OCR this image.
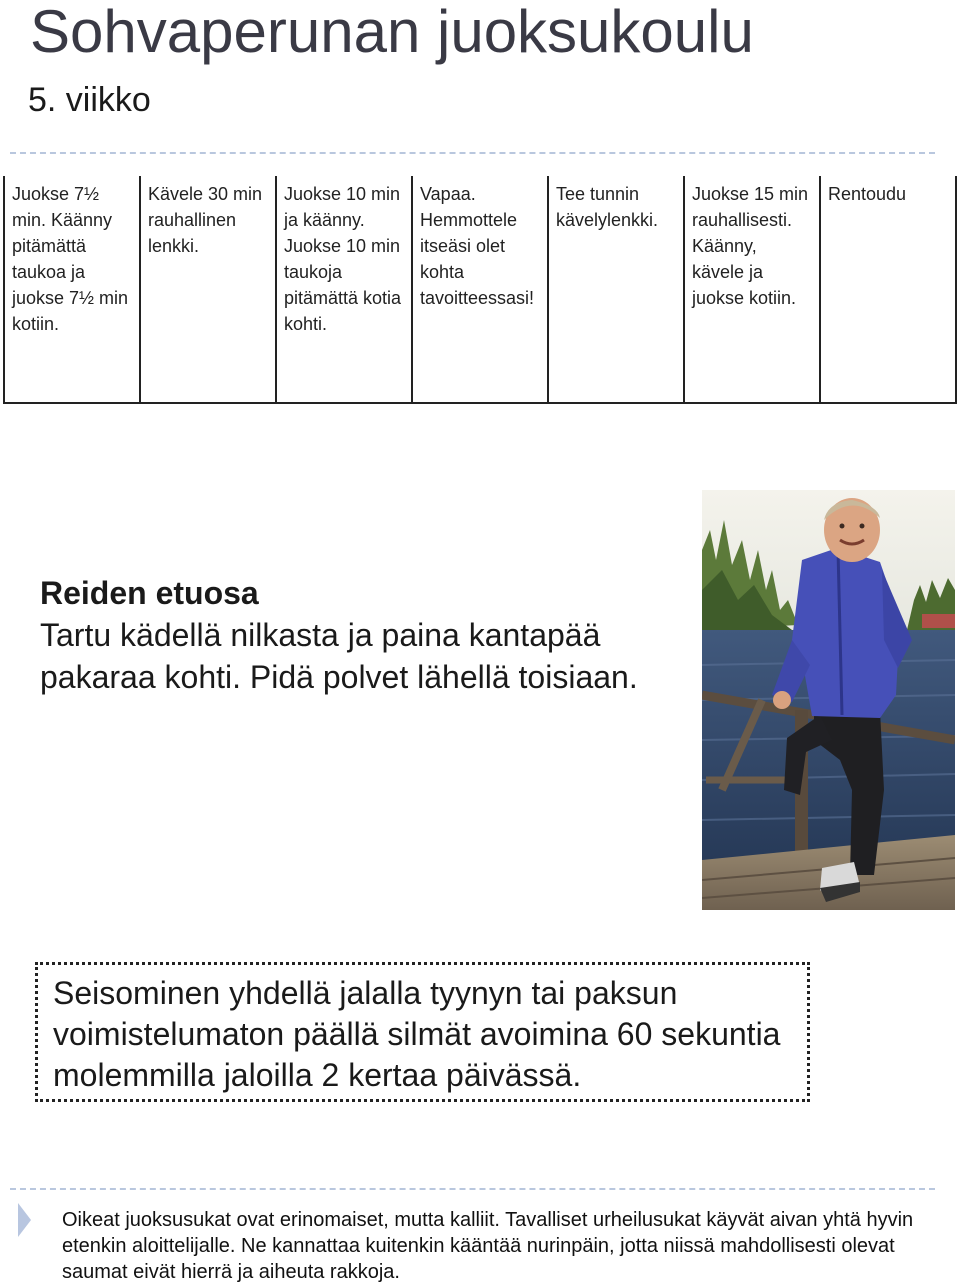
Sohvaperunan juoksukoulu
5. viikko
Juokse 7½ min. Käänny pitämättä taukoa ja juokse 7½ min kotiin.
Kävele 30 min rauhallinen lenkki.
Juokse 10 min ja käänny. Juokse 10 min taukoja pitämättä kotia kohti.
Vapaa. Hemmottele itseäsi olet kohta tavoitteessasi!
Tee tunnin kävelylenkki.
Juokse 15 min rauhallisesti. Käänny, kävele ja juokse kotiin.
Rentoudu
Reiden etuosa
Tartu kädellä nilkasta ja paina kantapää pakaraa kohti. Pidä polvet lähellä toisiaan.
Seisominen yhdellä jalalla tyynyn tai paksun voimistelumaton päällä silmät avoimina 60 sekuntia molemmilla jaloilla 2 kertaa päivässä.
Oikeat juoksusukat ovat erinomaiset, mutta kalliit. Tavalliset urheilusukat käyvät aivan yhtä hyvin etenkin aloittelijalle. Ne kannattaa kuitenkin kääntää nurinpäin, jotta niissä mahdollisesti olevat saumat eivät hierrä ja aiheuta rakkoja.
